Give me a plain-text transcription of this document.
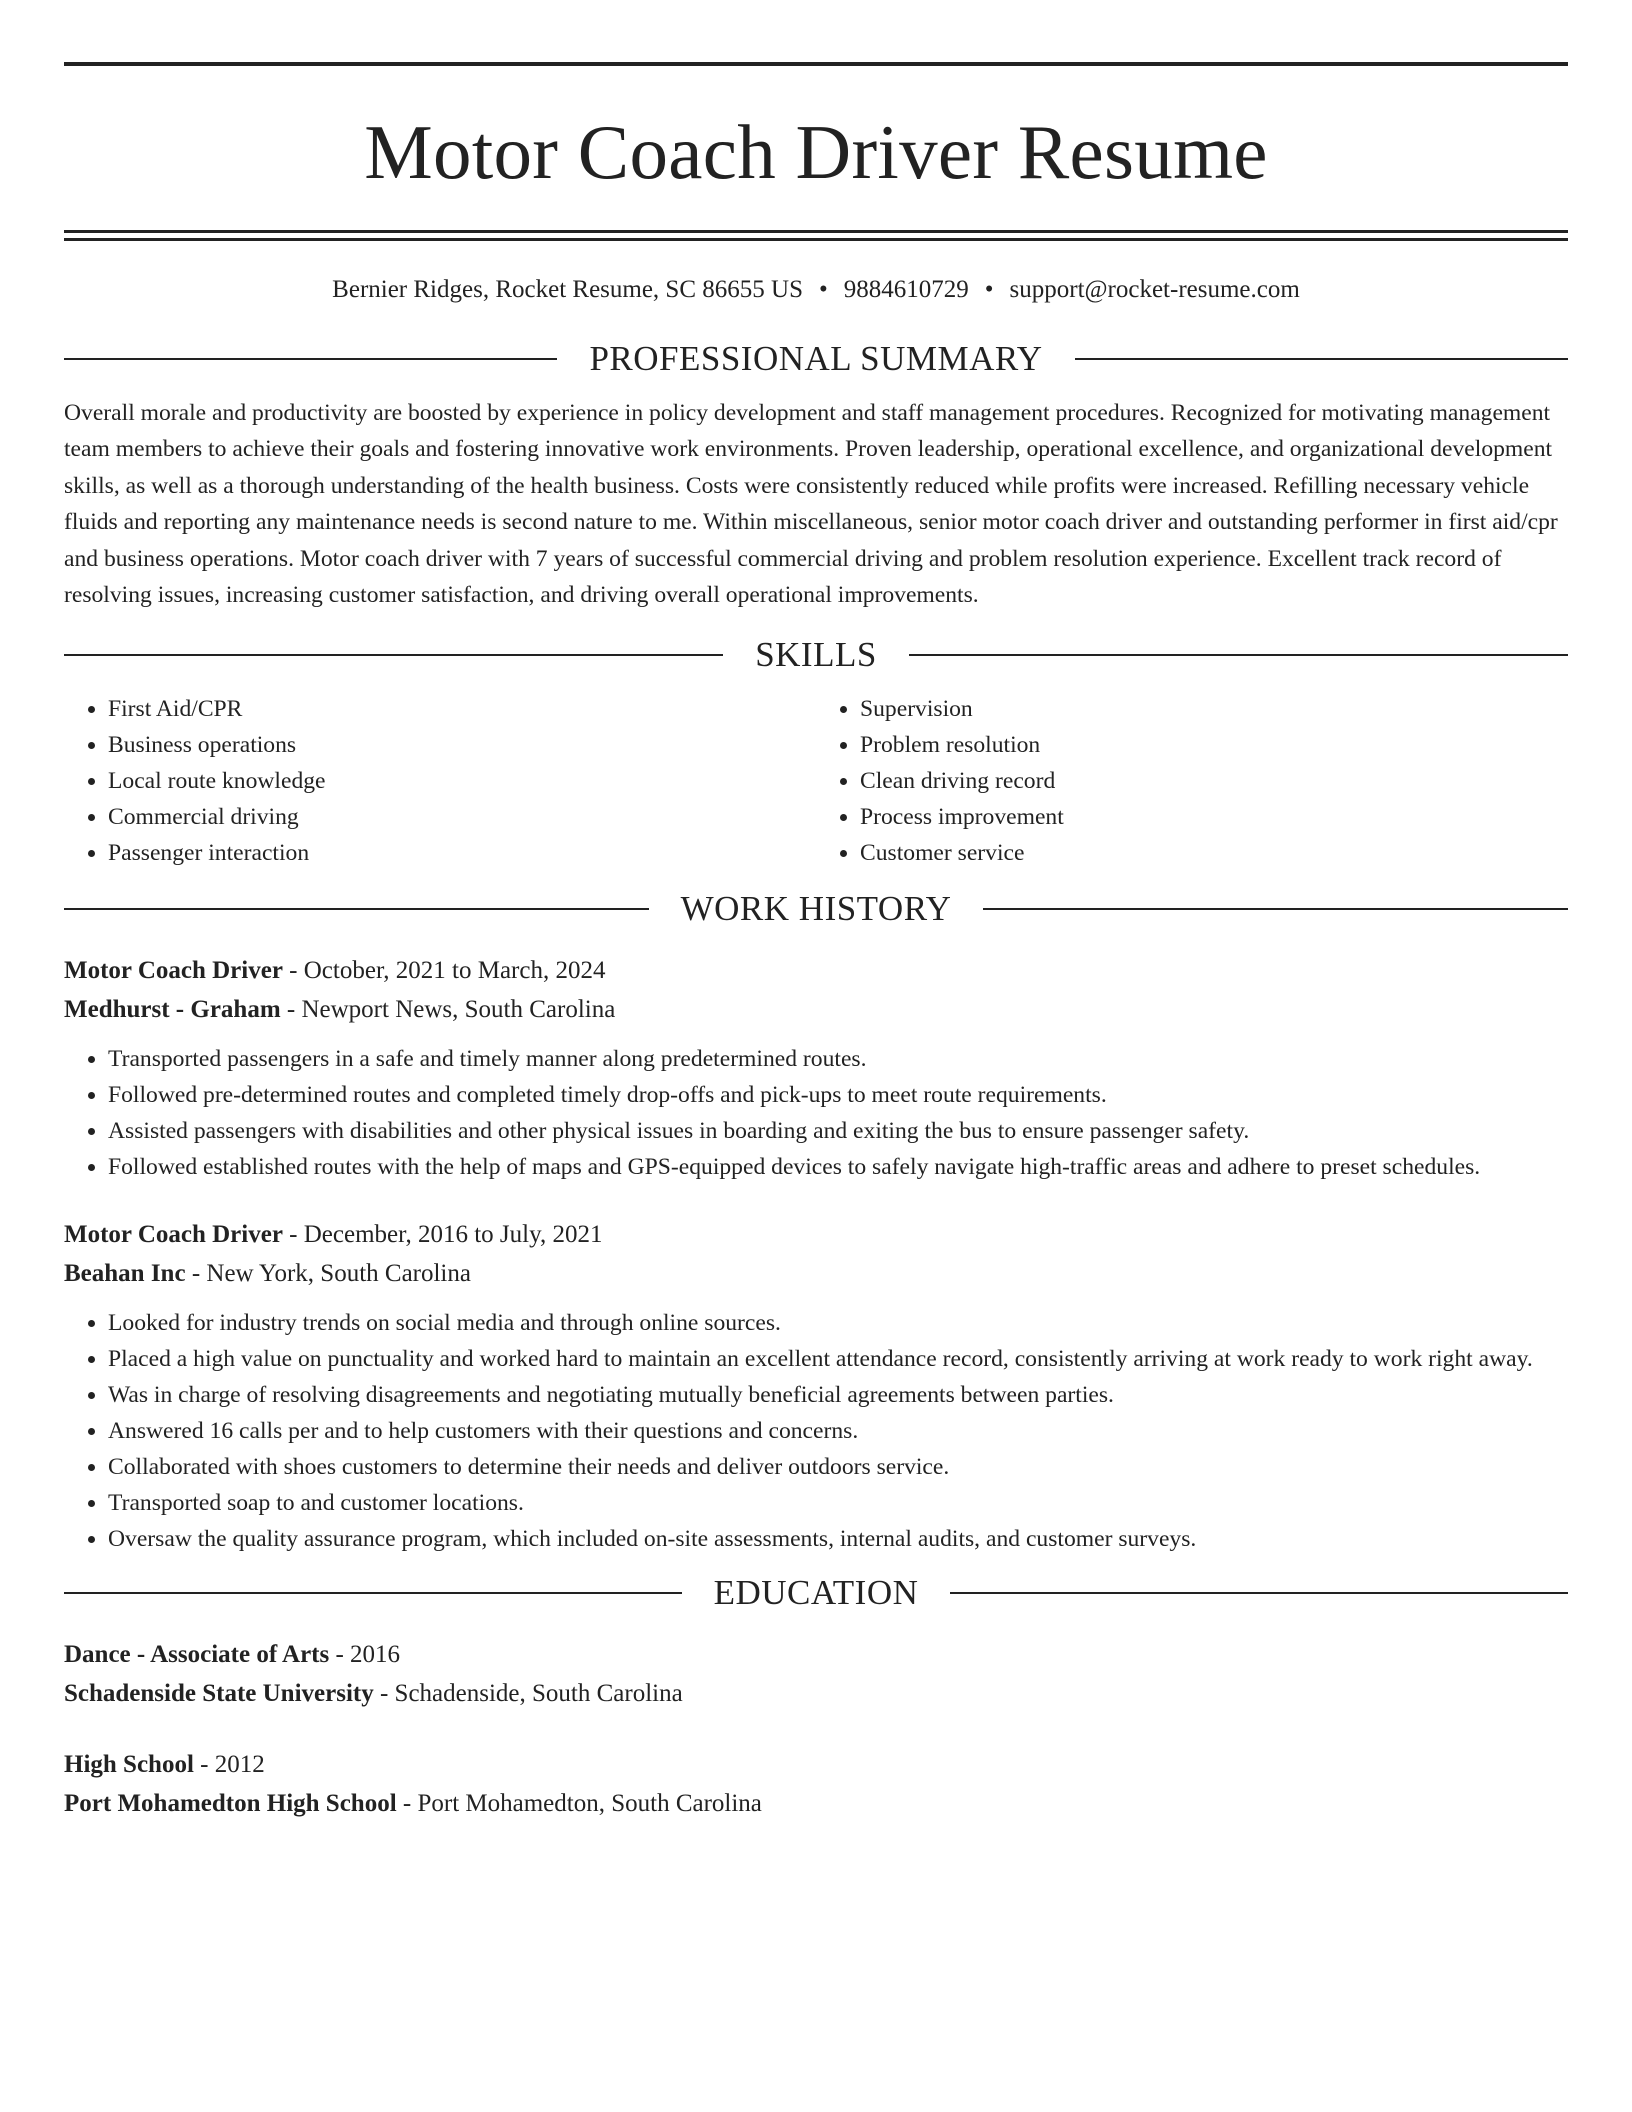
Motor Coach Driver Resume
Bernier Ridges, Rocket Resume, SC 86655 US • 9884610729 • support@rocket-resume.com
PROFESSIONAL SUMMARY

Overall morale and productivity are boosted by experience in policy development and staff management procedures. Recognized for motivating management team members to achieve their goals and fostering innovative work environments. Proven leadership, operational excellence, and organizational development skills, as well as a thorough understanding of the health business. Costs were consistently reduced while profits were increased. Refilling necessary vehicle fluids and reporting any maintenance needs is second nature to me. Within miscellaneous, senior motor coach driver and outstanding performer in first aid/cpr and business operations. Motor coach driver with 7 years of successful commercial driving and problem resolution experience. Excellent track record of resolving issues, increasing customer satisfaction, and driving overall operational improvements.

SKILLS
• First Aid/CPR
• Business operations
• Local route knowledge
• Commercial driving
• Passenger interaction
• Supervision
• Problem resolution
• Clean driving record
• Process improvement
• Customer service
WORK HISTORY
Motor Coach Driver - October, 2021 to March, 2024
Medhurst - Graham - Newport News, South Carolina
• Transported passengers in a safe and timely manner along predetermined routes.
• Followed pre-determined routes and completed timely drop-offs and pick-ups to meet route requirements.
• Assisted passengers with disabilities and other physical issues in boarding and exiting the bus to ensure passenger safety.
• Followed established routes with the help of maps and GPS-equipped devices to safely navigate high-traffic areas and adhere to preset schedules.
Motor Coach Driver - December, 2016 to July, 2021
Beahan Inc - New York, South Carolina
• Looked for industry trends on social media and through online sources.
• Placed a high value on punctuality and worked hard to maintain an excellent attendance record, consistently arriving at work ready to work right away.
• Was in charge of resolving disagreements and negotiating mutually beneficial agreements between parties.
• Answered 16 calls per and to help customers with their questions and concerns.
• Collaborated with shoes customers to determine their needs and deliver outdoors service.
• Transported soap to and customer locations.
• Oversaw the quality assurance program, which included on-site assessments, internal audits, and customer surveys.
EDUCATION
Dance - Associate of Arts - 2016
Schadenside State University - Schadenside, South Carolina
High School - 2012
Port Mohamedton High School - Port Mohamedton, South Carolina
